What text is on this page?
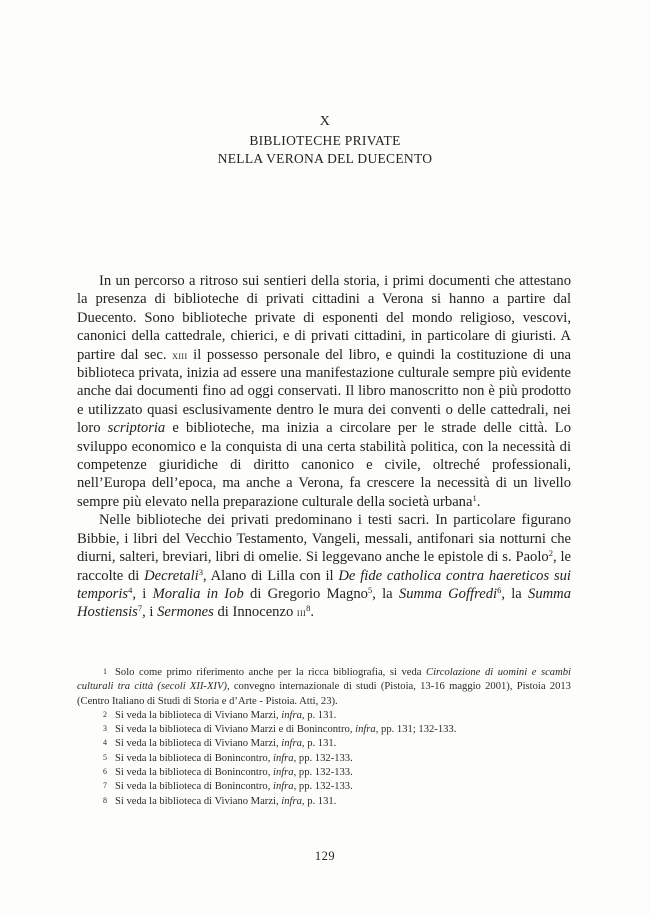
X
BIBLIOTECHE PRIVATE
NELLA VERONA DEL DUECENTO

In un percorso a ritroso sui sentieri della storia, i primi documenti che attestano la presenza di biblioteche di privati cittadini a Verona si hanno a partire dal Duecento. Sono biblioteche private di esponenti del mondo religioso, vescovi, canonici della cattedrale, chierici, e di privati cittadini, in particolare di giuristi. A partire dal sec. xiii il possesso personale del libro, e quindi la costituzione di una biblioteca privata, inizia ad essere una manifestazione culturale sempre più evidente anche dai documenti fino ad oggi conservati. Il libro manoscritto non è più prodotto e utilizzato quasi esclusivamente dentro le mura dei conventi o delle cattedrali, nei loro scriptoria e biblioteche, ma inizia a circolare per le strade delle città. Lo sviluppo economico e la conquista di una certa stabilità politica, con la necessità di competenze giuridiche di diritto canonico e civile, oltreché professionali, nell’Europa dell’epoca, ma anche a Verona, fa crescere la necessità di un livello sempre più elevato nella preparazione culturale della società urbana$^1$.

Nelle biblioteche dei privati predominano i testi sacri. In particolare figurano Bibbie, i libri del Vecchio Testamento, Vangeli, messali, antifonari sia notturni che diurni, salteri, breviari, libri di omelie. Si leggevano anche le epistole di s. Paolo$^2$, le raccolte di Decretali$^3$, Alano di Lilla con il De fide catholica contra haereticos sui temporis$^4$, i Moralia in Iob di Gregorio Magno$^5$, la Summa Goffredi$^6$, la Summa Hostiensis$^7$, i Sermones di Innocenzo iii$^8$.

1 Solo come primo riferimento anche per la ricca bibliografia, si veda Circolazione di uomini e scambi culturali tra città (secoli XII-XIV), convegno internazionale di studi (Pistoia, 13-16 maggio 2001), Pistoia 2013 (Centro Italiano di Studi di Storia e d’Arte - Pistoia. Atti, 23).
2 Si veda la biblioteca di Viviano Marzi, infra, p. 131.
3 Si veda la biblioteca di Viviano Marzi e di Bonincontro, infra, pp. 131; 132-133.
4 Si veda la biblioteca di Viviano Marzi, infra, p. 131.
5 Si veda la biblioteca di Bonincontro, infra, pp. 132-133.
6 Si veda la biblioteca di Bonincontro, infra, pp. 132-133.
7 Si veda la biblioteca di Bonincontro, infra, pp. 132-133.
8 Si veda la biblioteca di Viviano Marzi, infra, p. 131.
129
